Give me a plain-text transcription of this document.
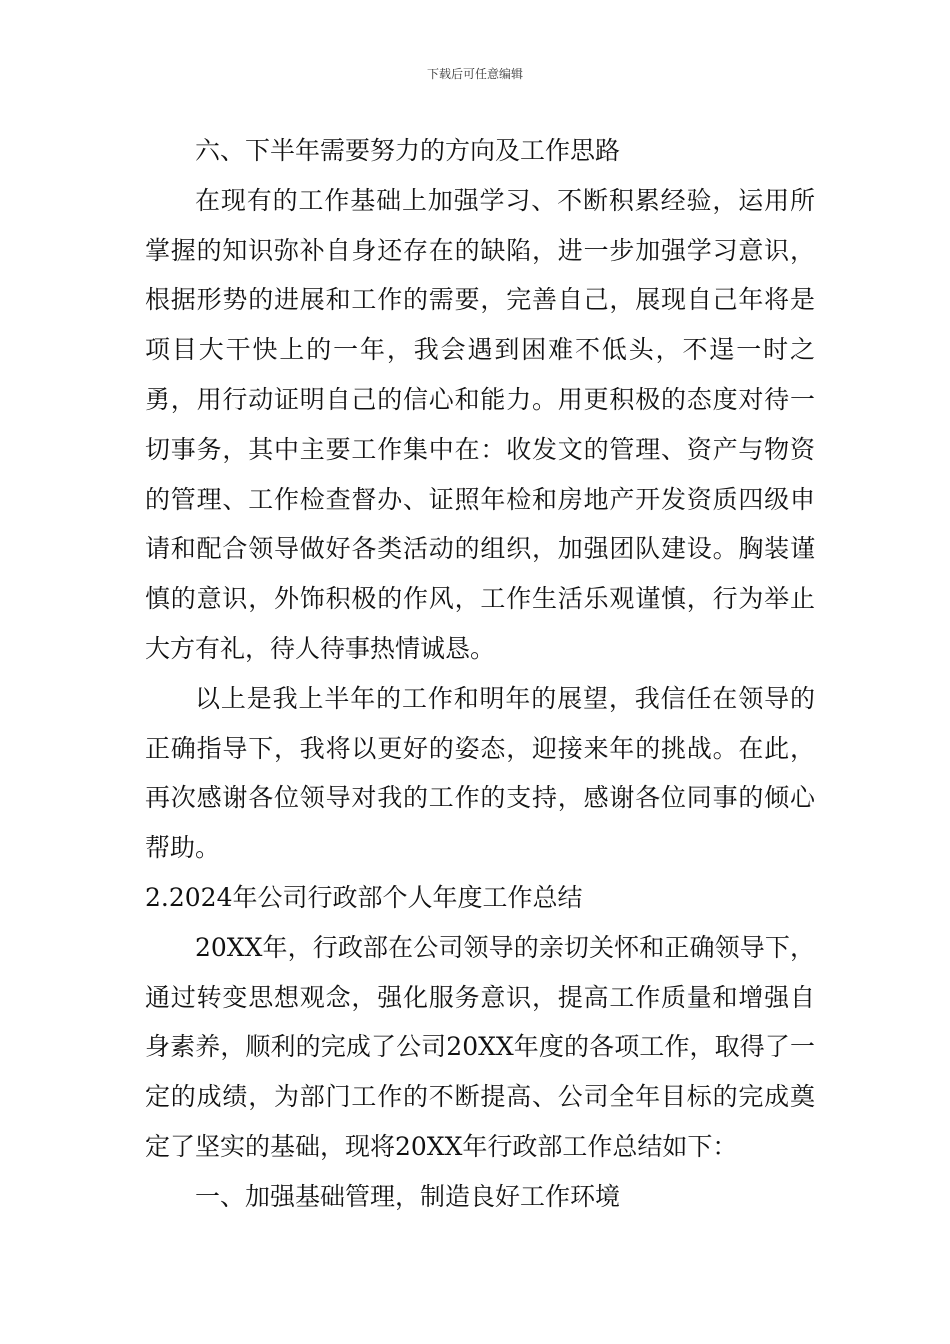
下载后可任意编辑

六、下半年需要努力的方向及工作思路

在现有的工作基础上加强学习、不断积累经验，运用所掌握的知识弥补自身还存在的缺陷，进一步加强学习意识，根据形势的进展和工作的需要，完善自己，展现自己年将是项目大干快上的一年，我会遇到困难不低头，不逞一时之勇，用行动证明自己的信心和能力。用更积极的态度对待一切事务，其中主要工作集中在：收发文的管理、资产与物资的管理、工作检查督办、证照年检和房地产开发资质四级申请和配合领导做好各类活动的组织，加强团队建设。胸装谨慎的意识，外饰积极的作风，工作生活乐观谨慎，行为举止大方有礼，待人待事热情诚恳。

以上是我上半年的工作和明年的展望，我信任在领导的正确指导下，我将以更好的姿态，迎接来年的挑战。在此，再次感谢各位领导对我的工作的支持，感谢各位同事的倾心帮助。

2.2024年公司行政部个人年度工作总结

20XX年，行政部在公司领导的亲切关怀和正确领导下，通过转变思想观念，强化服务意识，提高工作质量和增强自身素养，顺利的完成了公司20XX年度的各项工作，取得了一定的成绩，为部门工作的不断提高、公司全年目标的完成奠定了坚实的基础，现将20XX年行政部工作总结如下：

一、加强基础管理，制造良好工作环境
